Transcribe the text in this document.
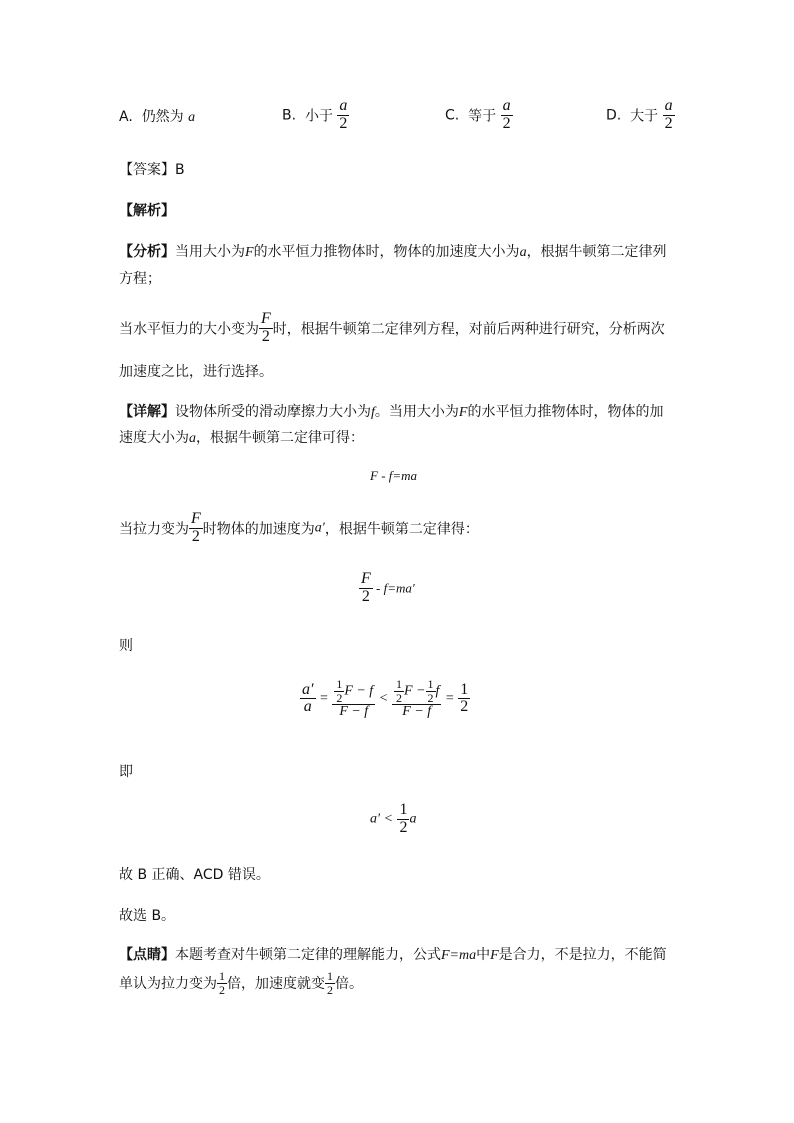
A. 仍然为 a	B. 小于 $\frac{a}{2}$	C. 等于 $\frac{a}{2}$	D. 大于 $\frac{a}{2}$
【答案】B
【解析】
【分析】当用大小为F的水平恒力推物体时，物体的加速度大小为a，根据牛顿第二定律列
方程；
当水平恒力的大小变为 $\frac{F}{2}$ 时，根据牛顿第二定律列方程，对前后两种进行研究，分析两次
加速度之比，进行选择。
【详解】设物体所受的滑动摩擦力大小为f。当用大小为F的水平恒力推物体时，物体的加
速度大小为a，根据牛顿第二定律可得：
F - f=ma
当拉力变为 $\frac{F}{2}$ 时物体的加速度为a′，根据牛顿第二定律得：
$\frac{F}{2} - f=ma'$
则
$\frac{a'}{a} = \frac{\frac{1}{2} F - f}{F - f} < \frac{\frac{1}{2} F - \frac{1}{2} f}{F - f} = \frac{1}{2}$
即
$a' < \frac{1}{2}$ a
故 B 正确、ACD 错误。
故选 B。
【点睛】本题考查对牛顿第二定律的理解能力，公式F=ma中F是合力，不是拉力，不能简
单认为拉力变为 $\frac{1}{2}$ 倍，加速度就变 $\frac{1}{2}$ 倍。
